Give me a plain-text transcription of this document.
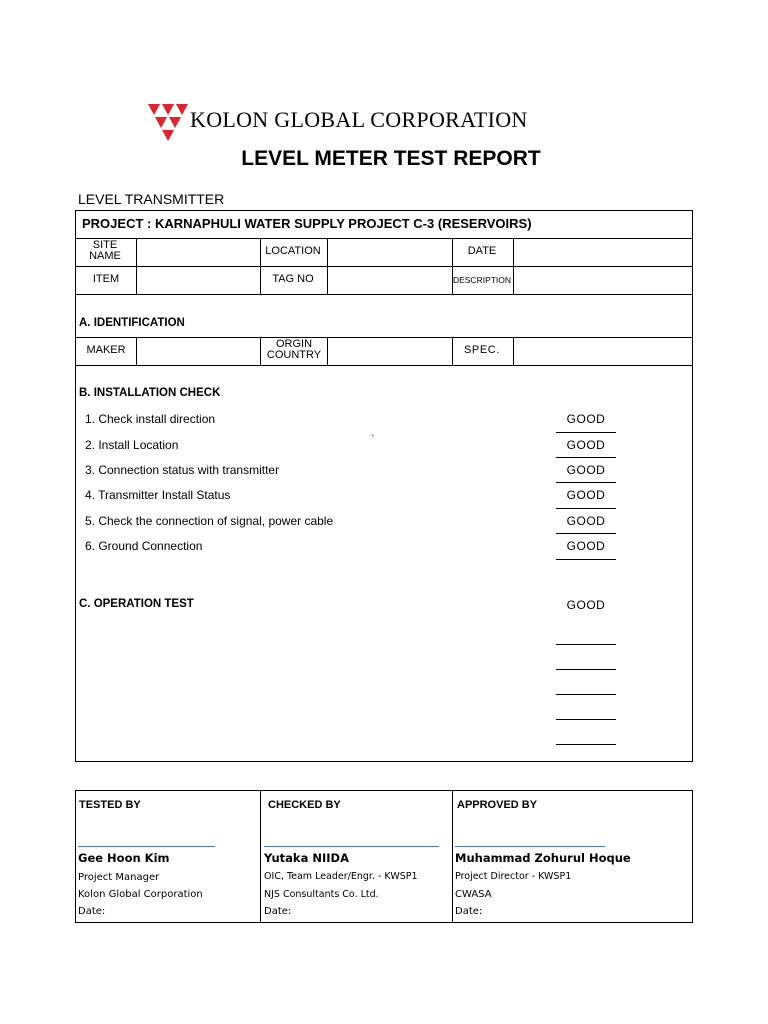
KOLON GLOBAL CORPORATION
LEVEL METER TEST REPORT
LEVEL TRANSMITTER
PROJECT : KARNAPHULI WATER SUPPLY PROJECT C-3 (RESERVOIRS)
SITE NAME	LOCATION	DATE
ITEM	TAG NO	DESCRIPTION
A. IDENTIFICATION
MAKER	ORGIN COUNTRY	SPEC.
B. INSTALLATION CHECK
1. Check install direction	GOOD
2. Install Location	`	GOOD
3. Connection status with transmitter	GOOD
4. Transmitter Install Status	GOOD
5. Check the connection of signal, power cable	GOOD
6. Ground Connection	GOOD
C. OPERATION TEST	GOOD
TESTED BY
Gee Hoon Kim
Project Manager
Kolon Global Corporation
Date:
CHECKED BY
Yutaka NIIDA
OIC, Team Leader/Engr. - KWSP1
NJS Consultants Co. Ltd.
Date:
APPROVED BY
Muhammad Zohurul Hoque
Project Director - KWSP1
CWASA
Date:
